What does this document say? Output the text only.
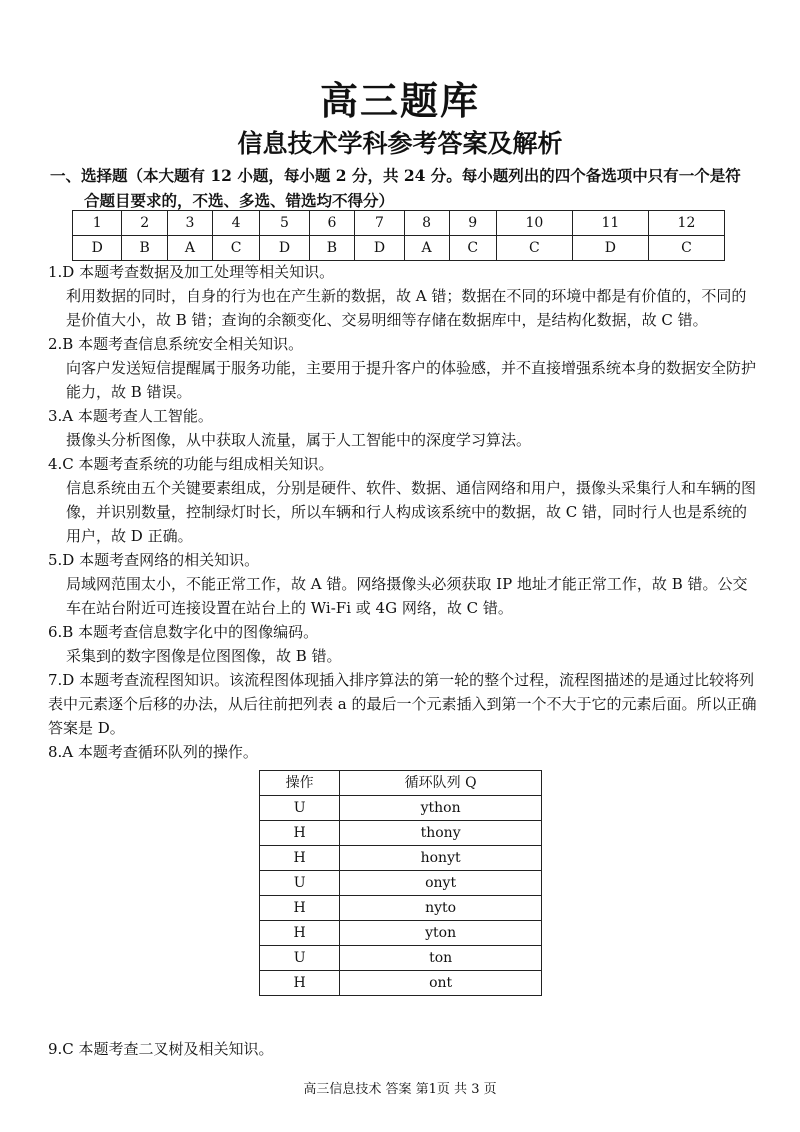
高三题库
信息技术学科参考答案及解析
一、选择题（本大题有 12 小题，每小题 2 分，共 24 分。每小题列出的四个备选项中只有一个是符
合题目要求的，不选、多选、错选均不得分）
1	2	3	4	5	6	7	8	9	10	11	12
D	B	A	C	D	B	D	A	C	C	D	C

1.D 本题考查数据及加工处理等相关知识。

利用数据的同时，自身的行为也在产生新的数据，故 A 错；数据在不同的环境中都是有价值的，不同的是价值大小，故 B 错；查询的余额变化、交易明细等存储在数据库中，是结构化数据，故 C 错。

2.B 本题考查信息系统安全相关知识。

向客户发送短信提醒属于服务功能，主要用于提升客户的体验感，并不直接增强系统本身的数据安全防护能力，故 B 错误。

3.A 本题考查人工智能。

摄像头分析图像，从中获取人流量，属于人工智能中的深度学习算法。

4.C 本题考查系统的功能与组成相关知识。

信息系统由五个关键要素组成，分别是硬件、软件、数据、通信网络和用户，摄像头采集行人和车辆的图像，并识别数量，控制绿灯时长，所以车辆和行人构成该系统中的数据，故 C 错，同时行人也是系统的用户，故 D 正确。

5.D 本题考查网络的相关知识。

局域网范围太小，不能正常工作，故 A 错。网络摄像头必须获取 IP 地址才能正常工作，故 B 错。公交车在站台附近可连接设置在站台上的 Wi-Fi 或 4G 网络，故 C 错。

6.B 本题考查信息数字化中的图像编码。

采集到的数字图像是位图图像，故 B 错。

7.D 本题考查流程图知识。该流程图体现插入排序算法的第一轮的整个过程，流程图描述的是通过比较将列表中元素逐个后移的办法，从后往前把列表 a 的最后一个元素插入到第一个不大于它的元素后面。所以正确答案是 D。

8.A 本题考查循环队列的操作。

操作	循环队列 Q
U	ython
H	thony
H	honyt
U	onyt
H	nyto
H	yton
U	ton
H	ont
9.C 本题考查二叉树及相关知识。
高三信息技术 答案 第1页 共 3 页
